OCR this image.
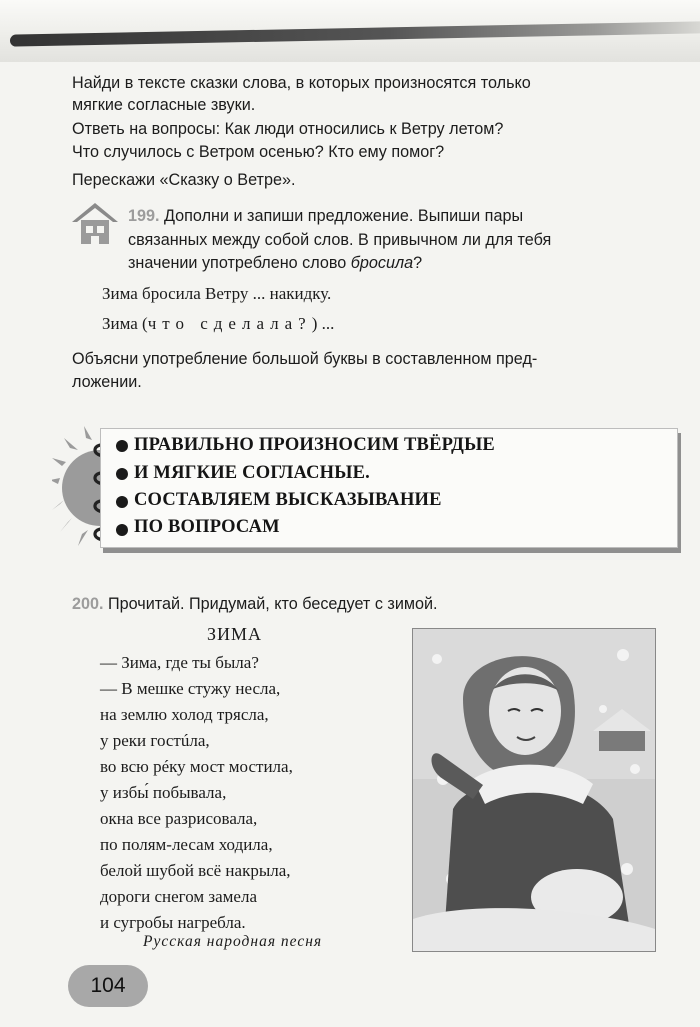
Найди в тексте сказки слова, в которых произносятся только

мягкие согласные звуки.

Ответь на вопросы: Как люди относились к Ветру летом?

Что случилось с Ветром осенью? Кто ему помог?

Перескажи «Сказку о Ветре».

199. Дополни и запиши предложение. Выпиши пары

связанных между собой слов. В привычном ли для тебя

значении употреблено слово бросила?

Зима бросила Ветру ... накидку.

Зима (что сделала?) ...

Объясни употребление большой буквы в составленном пред-

ложении.

ПРАВИЛЬНО ПРОИЗНОСИМ ТВЁРДЫЕ
И МЯГКИЕ СОГЛАСНЫЕ.
СОСТАВЛЯЕМ ВЫСКАЗЫВАНИЕ
ПО ВОПРОСАМ

200. Прочитай. Придумай, кто беседует с зимой.

ЗИМА
— Зима, где ты была?
— В мешке стужу несла,
на землю холод трясла,
у реки гостúла,
во всю рéку мост мостила,
у избы́ побывала,
окна все разрисовала,
по полям-лесам ходила,
белой шубой всё накрыла,
дороги снегом замела
и сугробы нагребла.
Русская народная песня
104
